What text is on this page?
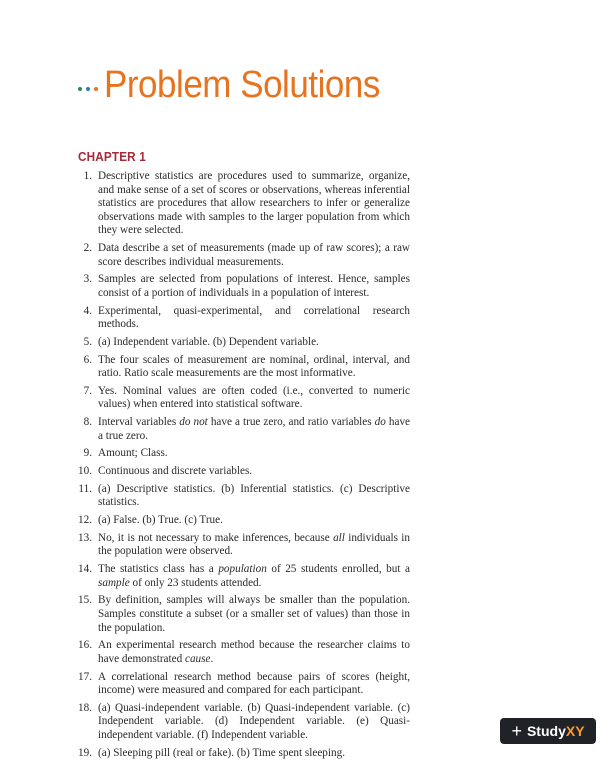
Problem Solutions
CHAPTER 1
1. Descriptive statistics are procedures used to summarize, organize, and make sense of a set of scores or observations, whereas inferential statistics are procedures that allow researchers to infer or generalize observations made with samples to the larger population from which they were selected.
2. Data describe a set of measurements (made up of raw scores); a raw score describes individual measurements.
3. Samples are selected from populations of interest. Hence, samples consist of a portion of individuals in a population of interest.
4. Experimental, quasi-experimental, and correlational research methods.
5. (a) Independent variable. (b) Dependent variable.
6. The four scales of measurement are nominal, ordinal, interval, and ratio. Ratio scale measurements are the most informative.
7. Yes. Nominal values are often coded (i.e., converted to numeric values) when entered into statistical software.
8. Interval variables do not have a true zero, and ratio variables do have a true zero.
9. Amount; Class.
10. Continuous and discrete variables.
11. (a) Descriptive statistics. (b) Inferential statistics. (c) Descriptive statistics.
12. (a) False. (b) True. (c) True.
13. No, it is not necessary to make inferences, because all individuals in the population were observed.
14. The statistics class has a population of 25 students enrolled, but a sample of only 23 students attended.
15. By definition, samples will always be smaller than the population. Samples constitute a subset (or a smaller set of values) than those in the population.
16. An experimental research method because the researcher claims to have demonstrated cause.
17. A correlational research method because pairs of scores (height, income) were measured and compared for each participant.
18. (a) Quasi-independent variable. (b) Quasi-independent variable. (c) Independent variable. (d) Independent variable. (e) Quasi-independent variable. (f) Independent variable.
19. (a) Sleeping pill (real or fake). (b) Time spent sleeping.
+ Study XY
